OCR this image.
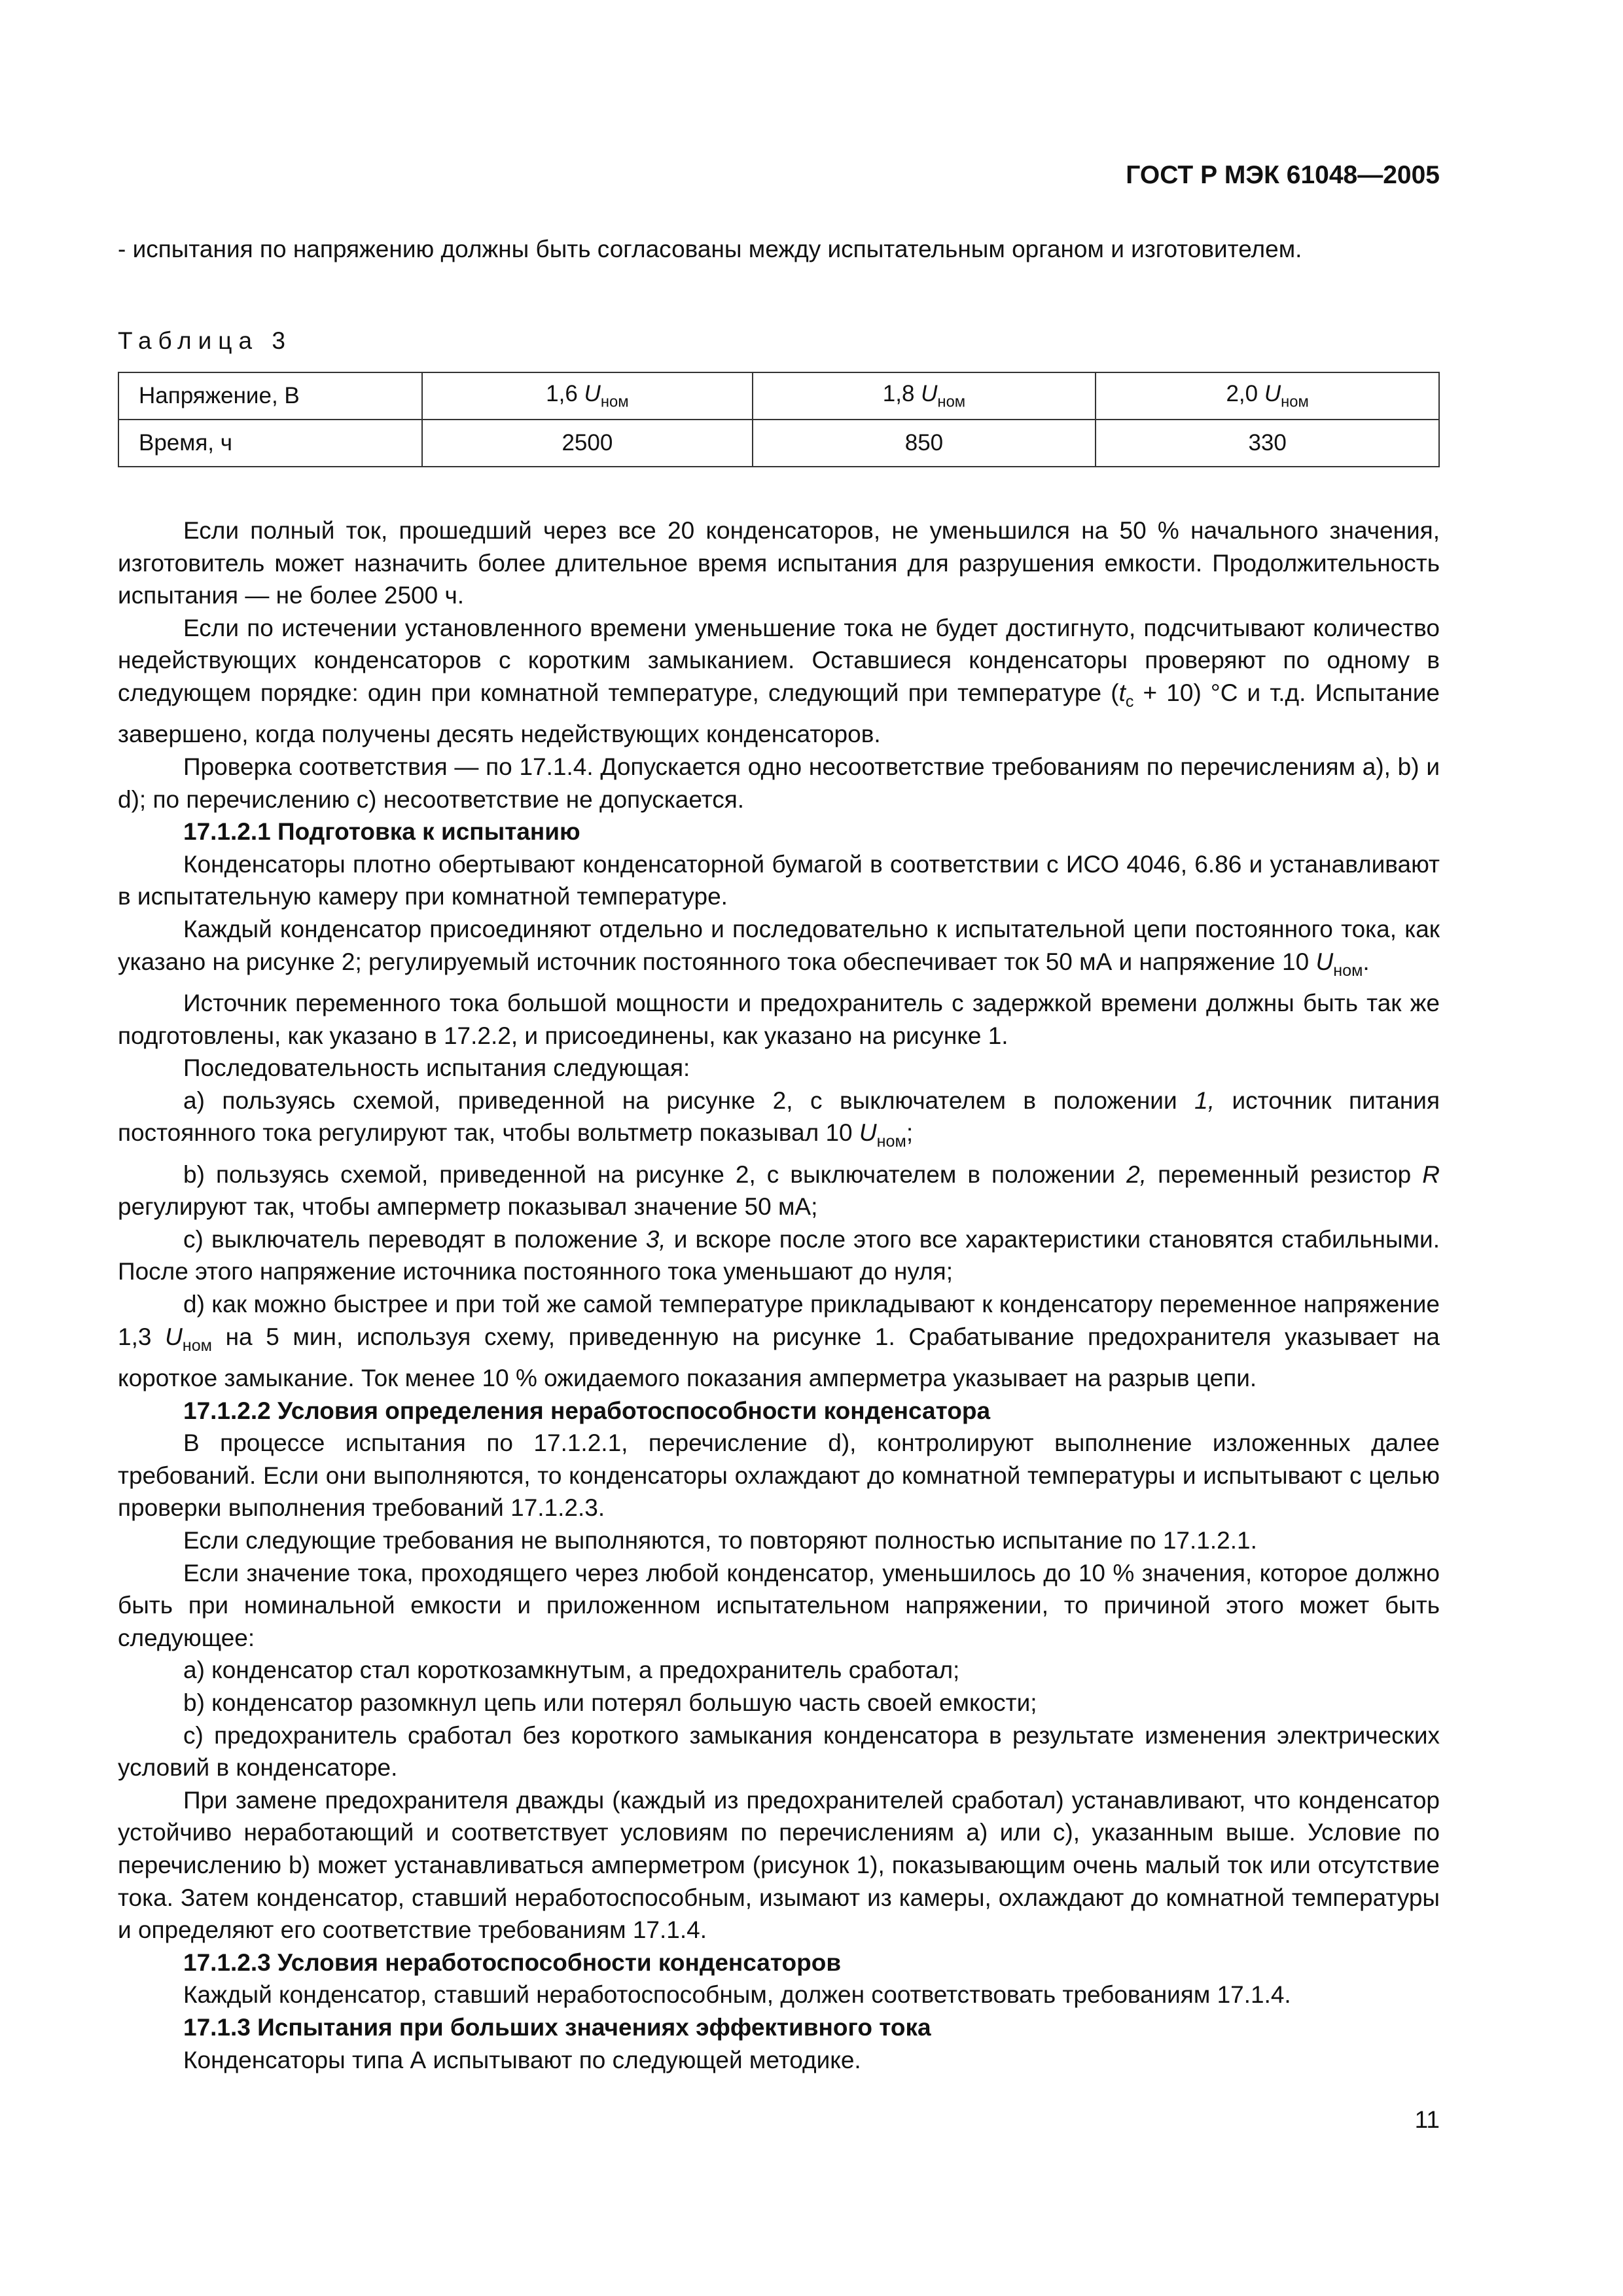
ГОСТ Р МЭК 61048—2005
- испытания по напряжению должны быть согласованы между испытательным органом и изготовителем.
Таблица 3
Напряжение, В	1,6 $U_{ном}$	1,8 $U_{ном}$	2,0 $U_{ном}$
Время, ч	2500	850	330

Если полный ток, прошедший через все 20 конденсаторов, не уменьшился на 50 % начального значения, изготовитель может назначить более длительное время испытания для разрушения емкости. Продолжительность испытания — не более 2500 ч.

Если по истечении установленного времени уменьшение тока не будет достигнуто, подсчитывают количество недействующих конденсаторов с коротким замыканием. Оставшиеся конденсаторы проверяют по одному в следующем порядке: один при комнатной температуре, следующий при температуре $(t_c + 10)$ °С и т.д. Испытание завершено, когда получены десять недействующих конденсаторов.

Проверка соответствия — по 17.1.4. Допускается одно несоответствие требованиям по перечислениям a), b) и d); по перечислению с) несоответствие не допускается.

17.1.2.1 Подготовка к испытанию

Конденсаторы плотно обертывают конденсаторной бумагой в соответствии с ИСО 4046, 6.86 и устанавливают в испытательную камеру при комнатной температуре.

Каждый конденсатор присоединяют отдельно и последовательно к испытательной цепи постоянного тока, как указано на рисунке 2; регулируемый источник постоянного тока обеспечивает ток 50 мА и напряжение 10 $U_{ном}$.

Источник переменного тока большой мощности и предохранитель с задержкой времени должны быть так же подготовлены, как указано в 17.2.2, и присоединены, как указано на рисунке 1.

Последовательность испытания следующая:

a) пользуясь схемой, приведенной на рисунке 2, с выключателем в положении 1, источник питания постоянного тока регулируют так, чтобы вольтметр показывал 10 $U_{ном}$;

b) пользуясь схемой, приведенной на рисунке 2, с выключателем в положении 2, переменный резистор R регулируют так, чтобы амперметр показывал значение 50 мА;

с) выключатель переводят в положение 3, и вскоре после этого все характеристики становятся стабильными. После этого напряжение источника постоянного тока уменьшают до нуля;

d) как можно быстрее и при той же самой температуре прикладывают к конденсатору переменное напряжение 1,3 $U_{ном}$ на 5 мин, используя схему, приведенную на рисунке 1. Срабатывание предохранителя указывает на короткое замыкание. Ток менее 10 % ожидаемого показания амперметра указывает на разрыв цепи.

17.1.2.2 Условия определения неработоспособности конденсатора

В процессе испытания по 17.1.2.1, перечисление d), контролируют выполнение изложенных далее требований. Если они выполняются, то конденсаторы охлаждают до комнатной температуры и испытывают с целью проверки выполнения требований 17.1.2.3.

Если следующие требования не выполняются, то повторяют полностью испытание по 17.1.2.1.

Если значение тока, проходящего через любой конденсатор, уменьшилось до 10 % значения, которое должно быть при номинальной емкости и приложенном испытательном напряжении, то причиной этого может быть следующее:

a) конденсатор стал короткозамкнутым, а предохранитель сработал;

b) конденсатор разомкнул цепь или потерял большую часть своей емкости;

с) предохранитель сработал без короткого замыкания конденсатора в результате изменения электрических условий в конденсаторе.

При замене предохранителя дважды (каждый из предохранителей сработал) устанавливают, что конденсатор устойчиво неработающий и соответствует условиям по перечислениям a) или с), указанным выше. Условие по перечислению b) может устанавливаться амперметром (рисунок 1), показывающим очень малый ток или отсутствие тока. Затем конденсатор, ставший неработоспособным, изымают из камеры, охлаждают до комнатной температуры и определяют его соответствие требованиям 17.1.4.

17.1.2.3 Условия неработоспособности конденсаторов

Каждый конденсатор, ставший неработоспособным, должен соответствовать требованиям 17.1.4.

17.1.3 Испытания при больших значениях эффективного тока

Конденсаторы типа А испытывают по следующей методике.

11
